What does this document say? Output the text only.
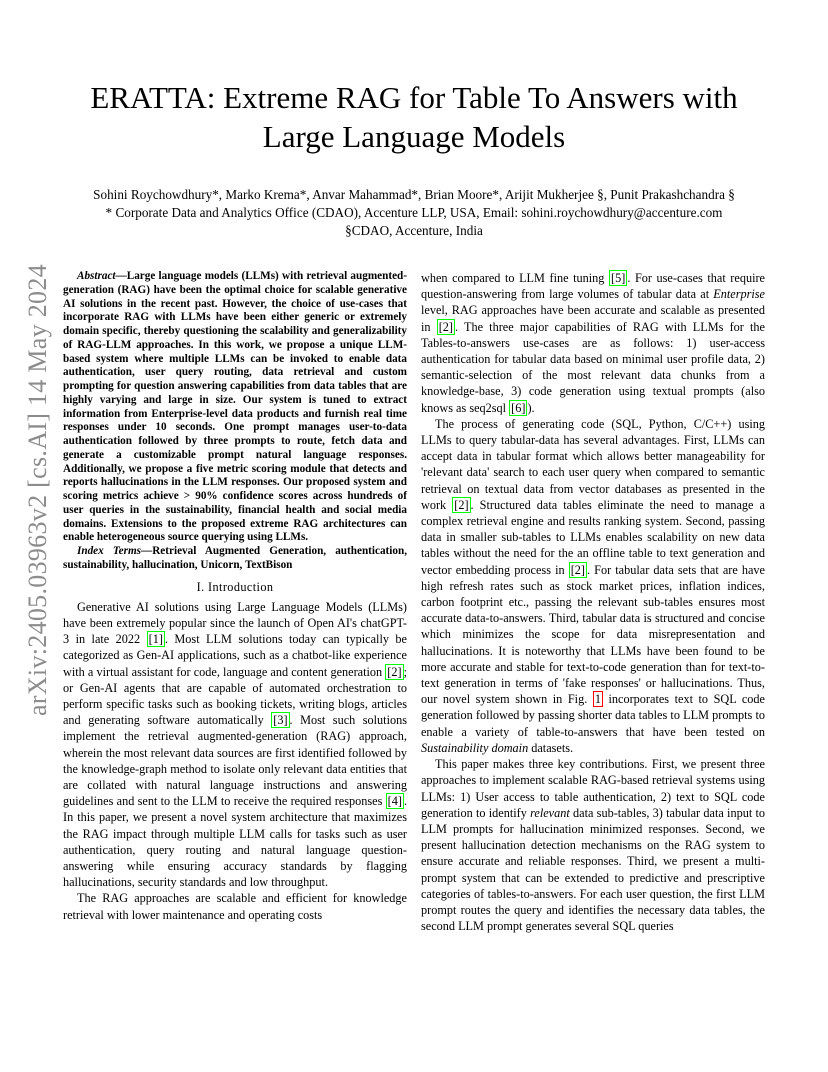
arXiv:2405.03963v2 [cs.AI] 14 May 2024
ERATTA: Extreme RAG for Table To Answers with Large Language Models
Sohini Roychowdhury*, Marko Krema*, Anvar Mahammad*, Brian Moore*, Arijit Mukherjee §, Punit Prakashchandra §
* Corporate Data and Analytics Office (CDAO), Accenture LLP, USA, Email: sohini.roychowdhury@accenture.com
§CDAO, Accenture, India

Abstract—Large language models (LLMs) with retrieval augmented-generation (RAG) have been the optimal choice for scalable generative AI solutions in the recent past. However, the choice of use-cases that incorporate RAG with LLMs have been either generic or extremely domain specific, thereby questioning the scalability and generalizability of RAG-LLM approaches. In this work, we propose a unique LLM-based system where multiple LLMs can be invoked to enable data authentication, user query routing, data retrieval and custom prompting for question answering capabilities from data tables that are highly varying and large in size. Our system is tuned to extract information from Enterprise-level data products and furnish real time responses under 10 seconds. One prompt manages user-to-data authentication followed by three prompts to route, fetch data and generate a customizable prompt natural language responses. Additionally, we propose a five metric scoring module that detects and reports hallucinations in the LLM responses. Our proposed system and scoring metrics achieve > 90% confidence scores across hundreds of user queries in the sustainability, financial health and social media domains. Extensions to the proposed extreme RAG architectures can enable heterogeneous source querying using LLMs.

Index Terms—Retrieval Augmented Generation, authentication, sustainability, hallucination, Unicorn, TextBison

I. Introduction

Generative AI solutions using Large Language Models (LLMs) have been extremely popular since the launch of Open AI's chatGPT-3 in late 2022 [1] . Most LLM solutions today can typically be categorized as Gen-AI applications, such as a chatbot-like experience with a virtual assistant for code, language and content generation [2] ; or Gen-AI agents that are capable of automated orchestration to perform specific tasks such as booking tickets, writing blogs, articles and generating software automatically [3] . Most such solutions implement the retrieval augmented-generation (RAG) approach, wherein the most relevant data sources are first identified followed by the knowledge-graph method to isolate only relevant data entities that are collated with natural language instructions and answering guidelines and sent to the LLM to receive the required responses [4] . In this paper, we present a novel system architecture that maximizes the RAG impact through multiple LLM calls for tasks such as user authentication, query routing and natural language question-answering while ensuring accuracy standards by flagging hallucinations, security standards and low throughput.

The RAG approaches are scalable and efficient for knowledge retrieval with lower maintenance and operating costs

when compared to LLM fine tuning [5] . For use-cases that require question-answering from large volumes of tabular data at Enterprise level, RAG approaches have been accurate and scalable as presented in [2] . The three major capabilities of RAG with LLMs for the Tables-to-answers use-cases are as follows: 1) user-access authentication for tabular data based on minimal user profile data, 2) semantic-selection of the most relevant data chunks from a knowledge-base, 3) code generation using textual prompts (also knows as seq2sql [6] ).

The process of generating code (SQL, Python, C/C++) using LLMs to query tabular-data has several advantages. First, LLMs can accept data in tabular format which allows better manageability for 'relevant data' search to each user query when compared to semantic retrieval on textual data from vector databases as presented in the work [2] . Structured data tables eliminate the need to manage a complex retrieval engine and results ranking system. Second, passing data in smaller sub-tables to LLMs enables scalability on new data tables without the need for the an offline table to text generation and vector embedding process in [2] . For tabular data sets that are have high refresh rates such as stock market prices, inflation indices, carbon footprint etc., passing the relevant sub-tables ensures most accurate data-to-answers. Third, tabular data is structured and concise which minimizes the scope for data misrepresentation and hallucinations. It is noteworthy that LLMs have been found to be more accurate and stable for text-to-code generation than for text-to-text generation in terms of 'fake responses' or hallucinations. Thus, our novel system shown in Fig. 1 incorporates text to SQL code generation followed by passing shorter data tables to LLM prompts to enable a variety of table-to-answers that have been tested on Sustainability domain datasets.

This paper makes three key contributions. First, we present three approaches to implement scalable RAG-based retrieval systems using LLMs: 1) User access to table authentication, 2) text to SQL code generation to identify relevant data sub-tables, 3) tabular data input to LLM prompts for hallucination minimized responses. Second, we present hallucination detection mechanisms on the RAG system to ensure accurate and reliable responses. Third, we present a multi-prompt system that can be extended to predictive and prescriptive categories of tables-to-answers. For each user question, the first LLM prompt routes the query and identifies the necessary data tables, the second LLM prompt generates several SQL queries
